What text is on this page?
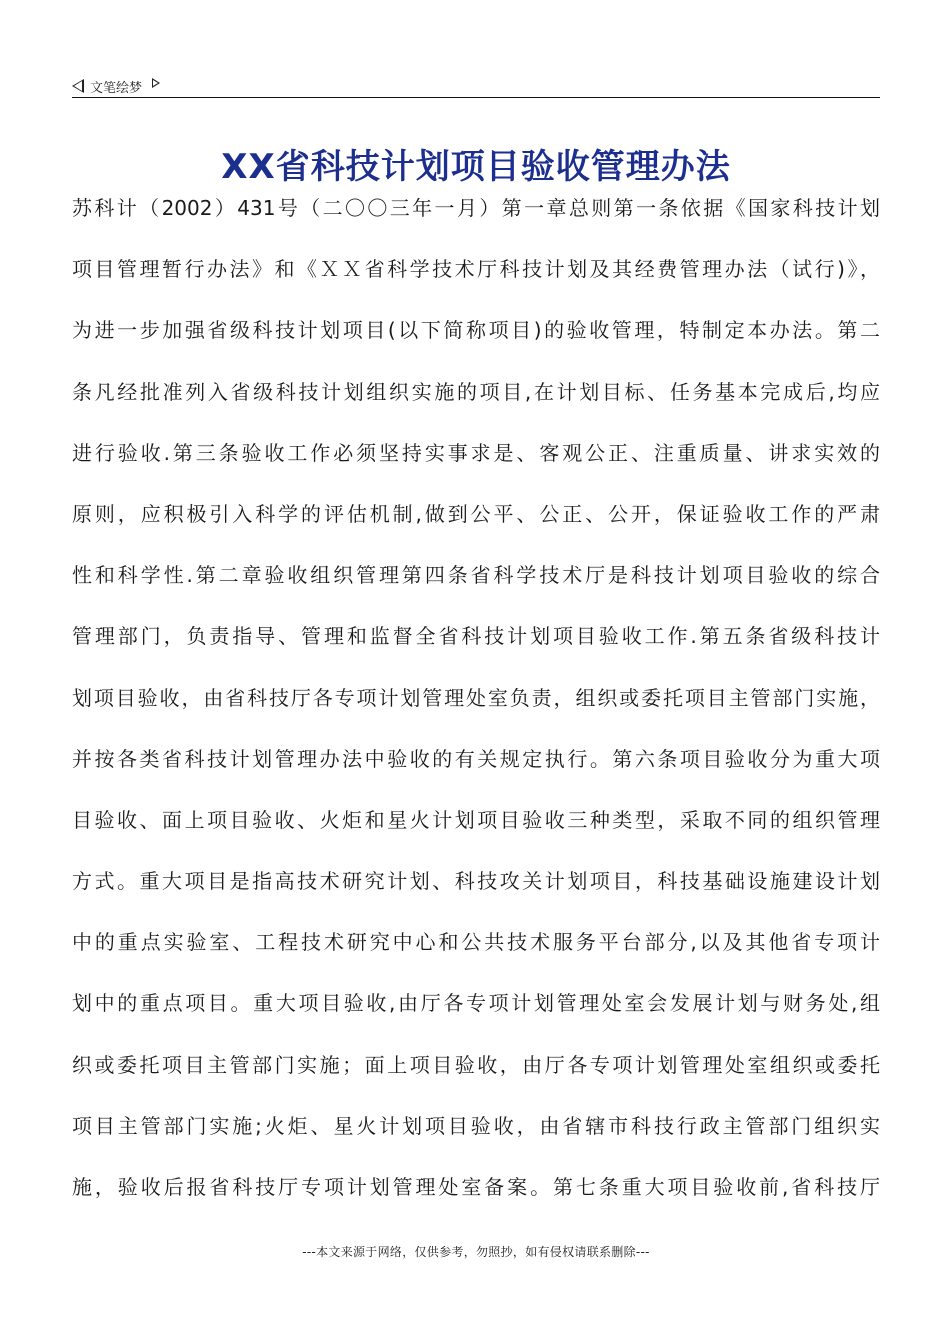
文笔绘梦
XX省科技计划项目验收管理办法
苏科计（2002）431号（二〇〇三年一月）第一章总则第一条依据《国家科技计划
项目管理暂行办法》和《ＸＸ省科学技术厅科技计划及其经费管理办法（试行)》，
为进一步加强省级科技计划项目(以下简称项目)的验收管理，特制定本办法。第二
条凡经批准列入省级科技计划组织实施的项目,在计划目标、任务基本完成后,均应
进行验收.第三条验收工作必须坚持实事求是、客观公正、注重质量、讲求实效的
原则，应积极引入科学的评估机制,做到公平、公正、公开，保证验收工作的严肃
性和科学性.第二章验收组织管理第四条省科学技术厅是科技计划项目验收的综合
管理部门，负责指导、管理和监督全省科技计划项目验收工作.第五条省级科技计
划项目验收，由省科技厅各专项计划管理处室负责，组织或委托项目主管部门实施，
并按各类省科技计划管理办法中验收的有关规定执行。第六条项目验收分为重大项
目验收、面上项目验收、火炬和星火计划项目验收三种类型，采取不同的组织管理
方式。重大项目是指高技术研究计划、科技攻关计划项目，科技基础设施建设计划
中的重点实验室、工程技术研究中心和公共技术服务平台部分,以及其他省专项计
划中的重点项目。重大项目验收,由厅各专项计划管理处室会发展计划与财务处,组
织或委托项目主管部门实施；面上项目验收，由厅各专项计划管理处室组织或委托
项目主管部门实施;火炬、星火计划项目验收，由省辖市科技行政主管部门组织实
施，验收后报省科技厅专项计划管理处室备案。第七条重大项目验收前,省科技厅
---本文来源于网络，仅供参考，勿照抄，如有侵权请联系删除---
